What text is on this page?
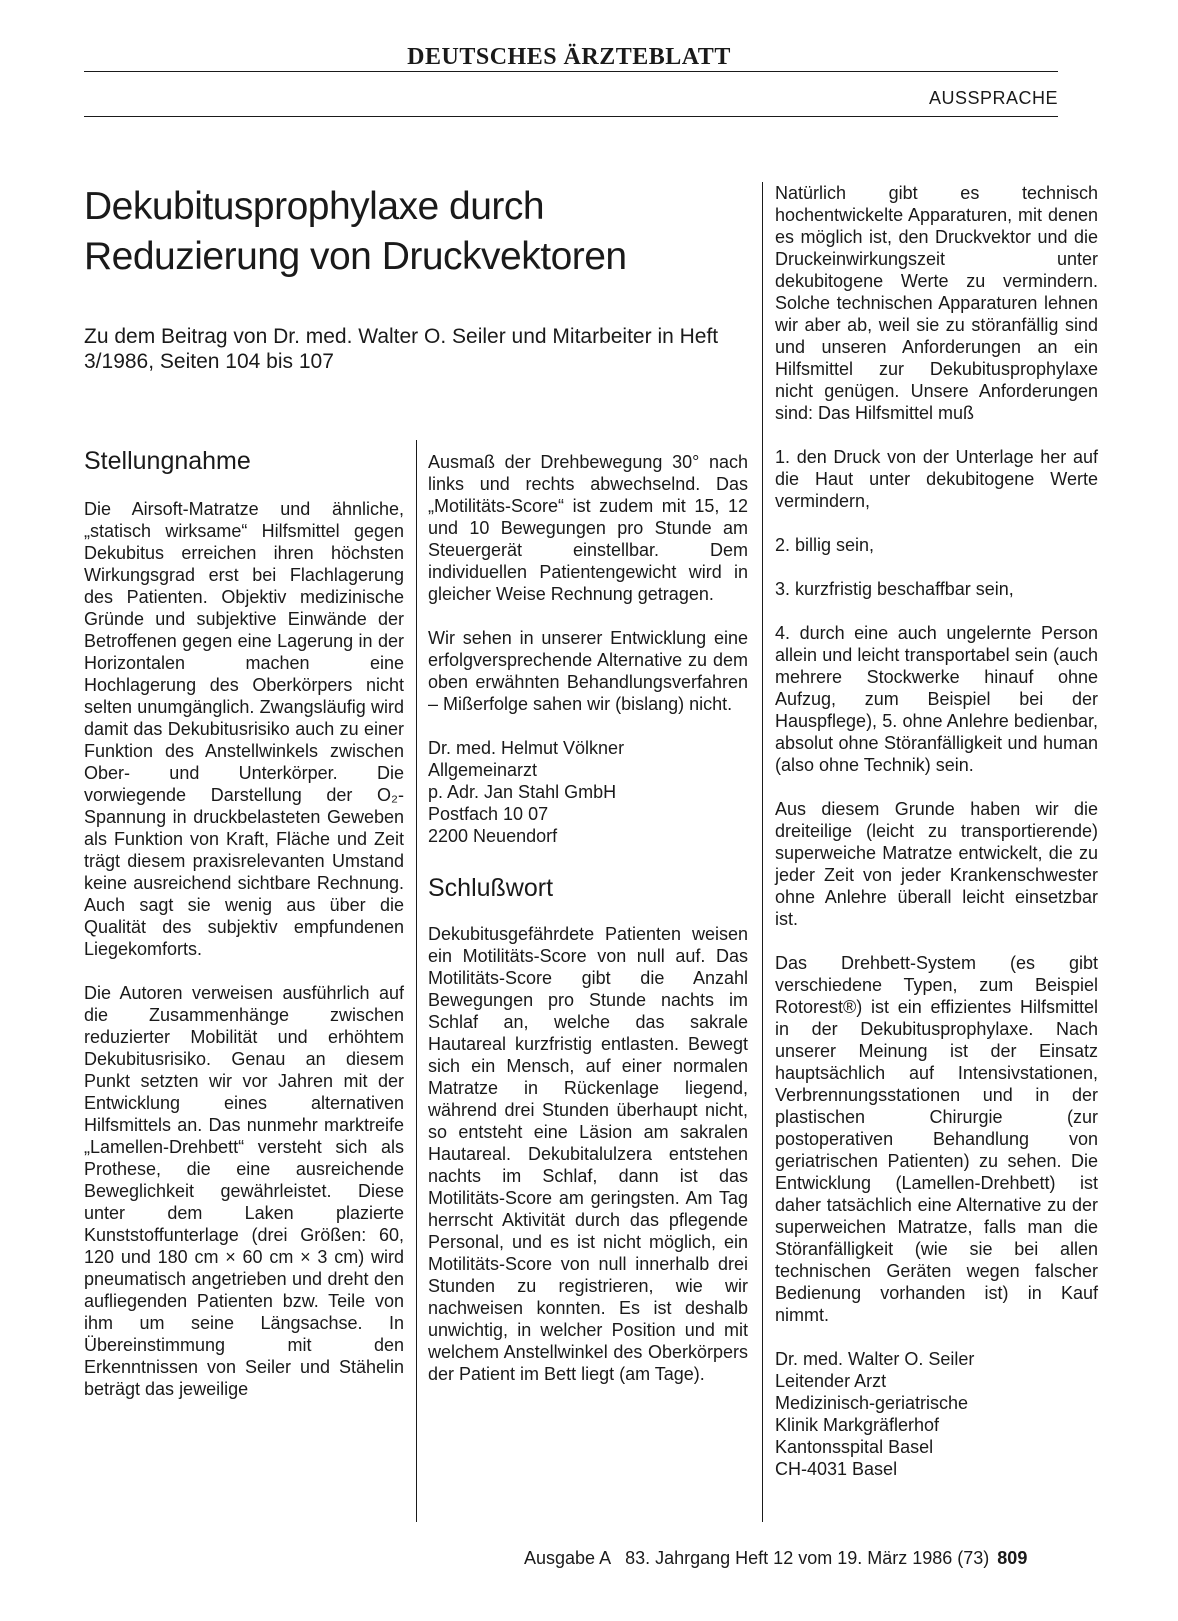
DEUTSCHES ÄRZTEBLATT
AUSSPRACHE
Dekubitusprophylaxe durch Reduzierung von Druckvektoren
Zu dem Beitrag von Dr. med. Walter O. Seiler und Mitarbeiter in Heft 3/1986, Seiten 104 bis 107
Stellungnahme

Die Airsoft-Matratze und ähnliche, „statisch wirksame“ Hilfsmittel gegen Dekubitus erreichen ihren höchsten Wirkungsgrad erst bei Flachlagerung des Patienten. Objektiv medizinische Gründe und subjektive Einwände der Betroffenen gegen eine Lagerung in der Horizontalen machen eine Hochlagerung des Oberkörpers nicht selten unumgänglich. Zwangsläufig wird damit das Dekubitusrisiko auch zu einer Funktion des Anstellwinkels zwischen Ober- und Unterkörper. Die vorwiegende Darstellung der O₂-Spannung in druckbelasteten Geweben als Funktion von Kraft, Fläche und Zeit trägt diesem praxisrelevanten Umstand keine ausreichend sichtbare Rechnung. Auch sagt sie wenig aus über die Qualität des subjektiv empfundenen Liegekomforts.

Die Autoren verweisen ausführlich auf die Zusammenhänge zwischen reduzierter Mobilität und erhöhtem Dekubitusrisiko. Genau an diesem Punkt setzten wir vor Jahren mit der Entwicklung eines alternativen Hilfsmittels an. Das nunmehr marktreife „Lamellen-Drehbett“ versteht sich als Prothese, die eine ausreichende Beweglichkeit gewährleistet. Diese unter dem Laken plazierte Kunststoffunterlage (drei Größen: 60, 120 und 180 cm × 60 cm × 3 cm) wird pneumatisch angetrieben und dreht den aufliegenden Patienten bzw. Teile von ihm um seine Längsachse. In Übereinstimmung mit den Erkenntnissen von Seiler und Stähelin beträgt das jeweilige

Ausmaß der Drehbewegung 30° nach links und rechts abwechselnd. Das „Motilitäts-Score“ ist zudem mit 15, 12 und 10 Bewegungen pro Stunde am Steuergerät einstellbar. Dem individuellen Patientengewicht wird in gleicher Weise Rechnung getragen.

Wir sehen in unserer Entwicklung eine erfolgversprechende Alternative zu dem oben erwähnten Behandlungsverfahren – Mißerfolge sahen wir (bislang) nicht.

Dr. med. Helmut Völkner
Allgemeinarzt
p. Adr. Jan Stahl GmbH
Postfach 10 07
2200 Neuendorf
Schlußwort

Dekubitusgefährdete Patienten weisen ein Motilitäts-Score von null auf. Das Motilitäts-Score gibt die Anzahl Bewegungen pro Stunde nachts im Schlaf an, welche das sakrale Hautareal kurzfristig entlasten. Bewegt sich ein Mensch, auf einer normalen Matratze in Rückenlage liegend, während drei Stunden überhaupt nicht, so entsteht eine Läsion am sakralen Hautareal. Dekubitalulzera entstehen nachts im Schlaf, dann ist das Motilitäts-Score am geringsten. Am Tag herrscht Aktivität durch das pflegende Personal, und es ist nicht möglich, ein Motilitäts-Score von null innerhalb drei Stunden zu registrieren, wie wir nachweisen konnten. Es ist deshalb unwichtig, in welcher Position und mit welchem Anstellwinkel des Oberkörpers der Patient im Bett liegt (am Tage).

Natürlich gibt es technisch hochentwickelte Apparaturen, mit denen es möglich ist, den Druckvektor und die Druckeinwirkungszeit unter dekubitogene Werte zu vermindern. Solche technischen Apparaturen lehnen wir aber ab, weil sie zu störanfällig sind und unseren Anforderungen an ein Hilfsmittel zur Dekubitusprophylaxe nicht genügen. Unsere Anforderungen sind: Das Hilfsmittel muß

1. den Druck von der Unterlage her auf die Haut unter dekubitogene Werte vermindern,

2. billig sein,

3. kurzfristig beschaffbar sein,

4. durch eine auch ungelernte Person allein und leicht transportabel sein (auch mehrere Stockwerke hinauf ohne Aufzug, zum Beispiel bei der Hauspflege), 5. ohne Anlehre bedienbar, absolut ohne Störanfälligkeit und human (also ohne Technik) sein.

Aus diesem Grunde haben wir die dreiteilige (leicht zu transportierende) superweiche Matratze entwickelt, die zu jeder Zeit von jeder Krankenschwester ohne Anlehre überall leicht einsetzbar ist.

Das Drehbett-System (es gibt verschiedene Typen, zum Beispiel Rotorest®) ist ein effizientes Hilfsmittel in der Dekubitusprophylaxe. Nach unserer Meinung ist der Einsatz hauptsächlich auf Intensivstationen, Verbrennungsstationen und in der plastischen Chirurgie (zur postoperativen Behandlung von geriatrischen Patienten) zu sehen. Die Entwicklung (Lamellen-Drehbett) ist daher tatsächlich eine Alternative zu der superweichen Matratze, falls man die Störanfälligkeit (wie sie bei allen technischen Geräten wegen falscher Bedienung vorhanden ist) in Kauf nimmt.

Dr. med. Walter O. Seiler
Leitender Arzt
Medizinisch-geriatrische
Klinik Markgräflerhof
Kantonsspital Basel
CH-4031 Basel
Ausgabe A   83. Jahrgang Heft 12 vom 19. März 1986 (73) 809
